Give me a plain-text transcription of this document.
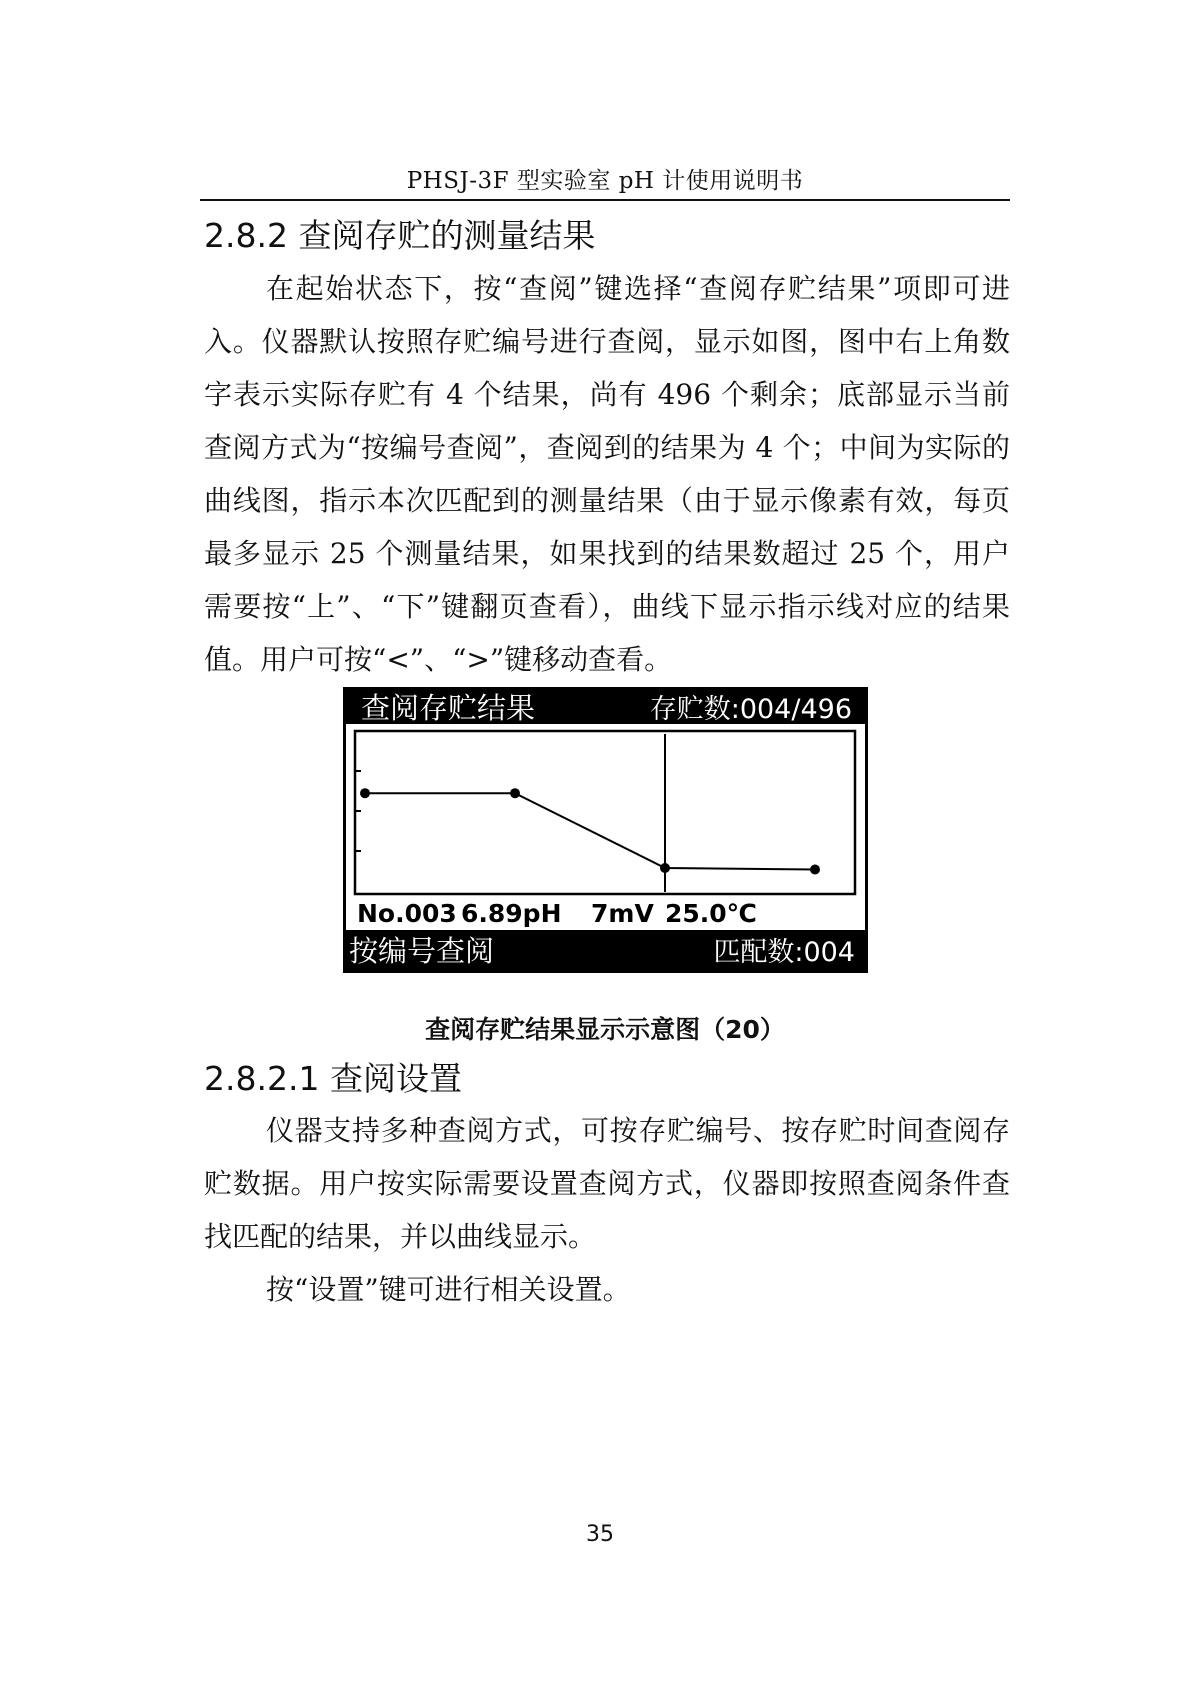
PHSJ-3F 型实验室 pH 计使用说明书
2.8.2 查阅存贮的测量结果

在起始状态下，按“查阅”键选择“查阅存贮结果”项即可进入。仪器默认按照存贮编号进行查阅，显示如图，图中右上角数字表示实际存贮有 4 个结果，尚有 496 个剩余；底部显示当前查阅方式为“按编号查阅”，查阅到的结果为 4 个；中间为实际的曲线图，指示本次匹配到的测量结果（由于显示像素有效，每页最多显示 25 个测量结果，如果找到的结果数超过 25 个，用户需要按“上”、“下”键翻页查看），曲线下显示指示线对应的结果值。用户可按“<”、“>”键移动查看。

查阅存贮结果	存贮数:004/496
No.003 6.89pH 7mV 25.0℃
按编号查阅	匹配数:004
查阅存贮结果显示示意图（20）
2.8.2.1 查阅设置

仪器支持多种查阅方式，可按存贮编号、按存贮时间查阅存贮数据。用户按实际需要设置查阅方式，仪器即按照查阅条件查找匹配的结果，并以曲线显示。

按“设置”键可进行相关设置。

35
